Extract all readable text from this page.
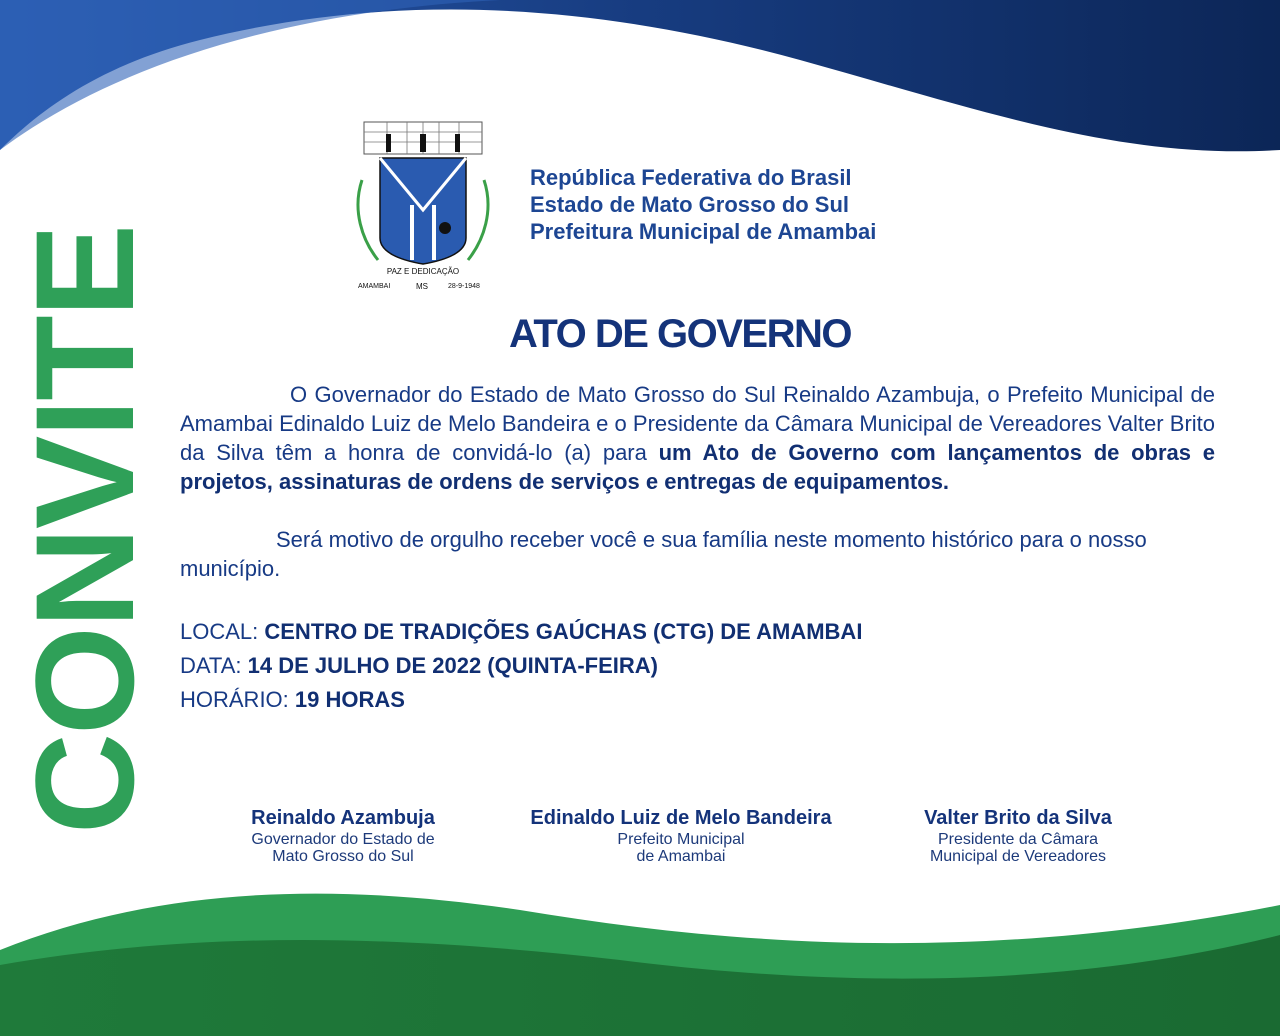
CONVITE	PAZ E DEDICAÇÃO
AMAMBAI	MS	28-9-1948
República Federativa do Brasil
Estado de Mato Grosso do Sul
Prefeitura Municipal de Amambai
ATO DE GOVERNO
O Governador do Estado de Mato Grosso do Sul Reinaldo Azambuja, o Prefeito Municipal de Amambai Edinaldo Luiz de Melo Bandeira e o Presidente da Câmara Municipal de Vereadores Valter Brito da Silva têm a honra de convidá-lo (a) para um Ato de Governo com lançamentos de obras e projetos, assinaturas de ordens de serviços e entregas de equipamentos.
Será motivo de orgulho receber você e sua família neste momento histórico para o nosso município.
LOCAL: CENTRO DE TRADIÇÕES GAÚCHAS (CTG) DE AMAMBAI
DATA: 14 DE JULHO DE 2022 (QUINTA-FEIRA)
HORÁRIO: 19 HORAS
Reinaldo Azambuja
Governador do Estado de
Mato Grosso do Sul
Edinaldo Luiz de Melo Bandeira
Prefeito Municipal
de Amambai
Valter Brito da Silva
Presidente da Câmara
Municipal de Vereadores
